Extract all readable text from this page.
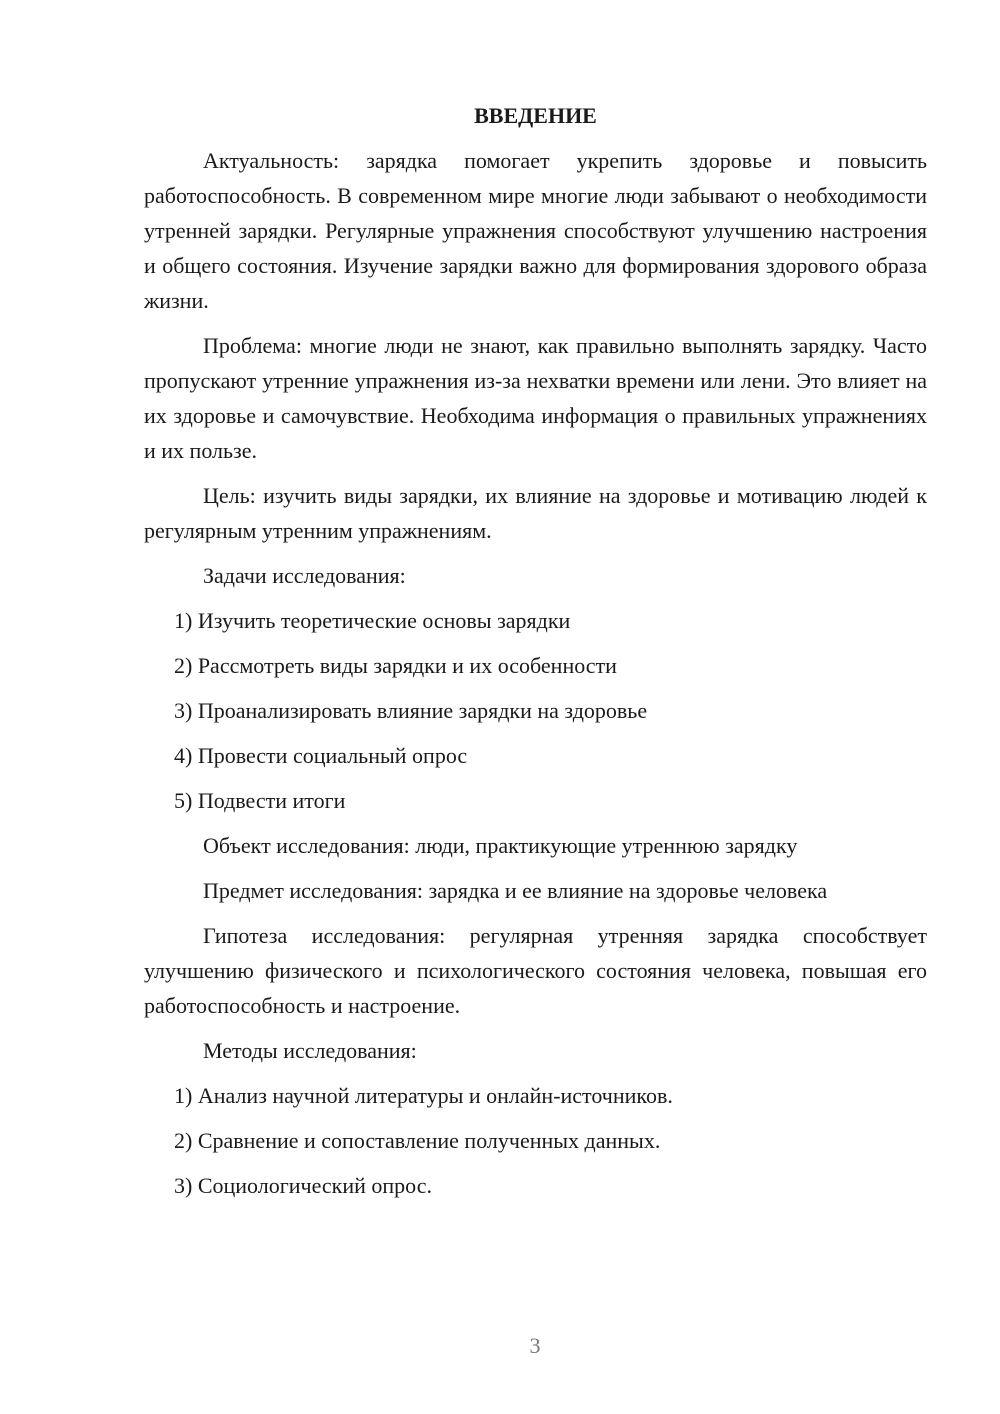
ВВЕДЕНИЕ

Актуальность: зарядка помогает укрепить здоровье и повысить работоспособность. В современном мире многие люди забывают о необходимости утренней зарядки. Регулярные упражнения способствуют улучшению настроения и общего состояния. Изучение зарядки важно для формирования здорового образа жизни.

Проблема: многие люди не знают, как правильно выполнять зарядку. Часто пропускают утренние упражнения из-за нехватки времени или лени. Это влияет на их здоровье и самочувствие. Необходима информация о правильных упражнениях и их пользе.

Цель: изучить виды зарядки, их влияние на здоровье и мотивацию людей к регулярным утренним упражнениям.

Задачи исследования:

1) Изучить теоретические основы зарядки

2) Рассмотреть виды зарядки и их особенности

3) Проанализировать влияние зарядки на здоровье

4) Провести социальный опрос

5) Подвести итоги

Объект исследования: люди, практикующие утреннюю зарядку

Предмет исследования: зарядка и ее влияние на здоровье человека

Гипотеза исследования: регулярная утренняя зарядка способствует улучшению физического и психологического состояния человека, повышая его работоспособность и настроение.

Методы исследования:

1) Анализ научной литературы и онлайн-источников.

2) Сравнение и сопоставление полученных данных.

3) Социологический опрос.

3
